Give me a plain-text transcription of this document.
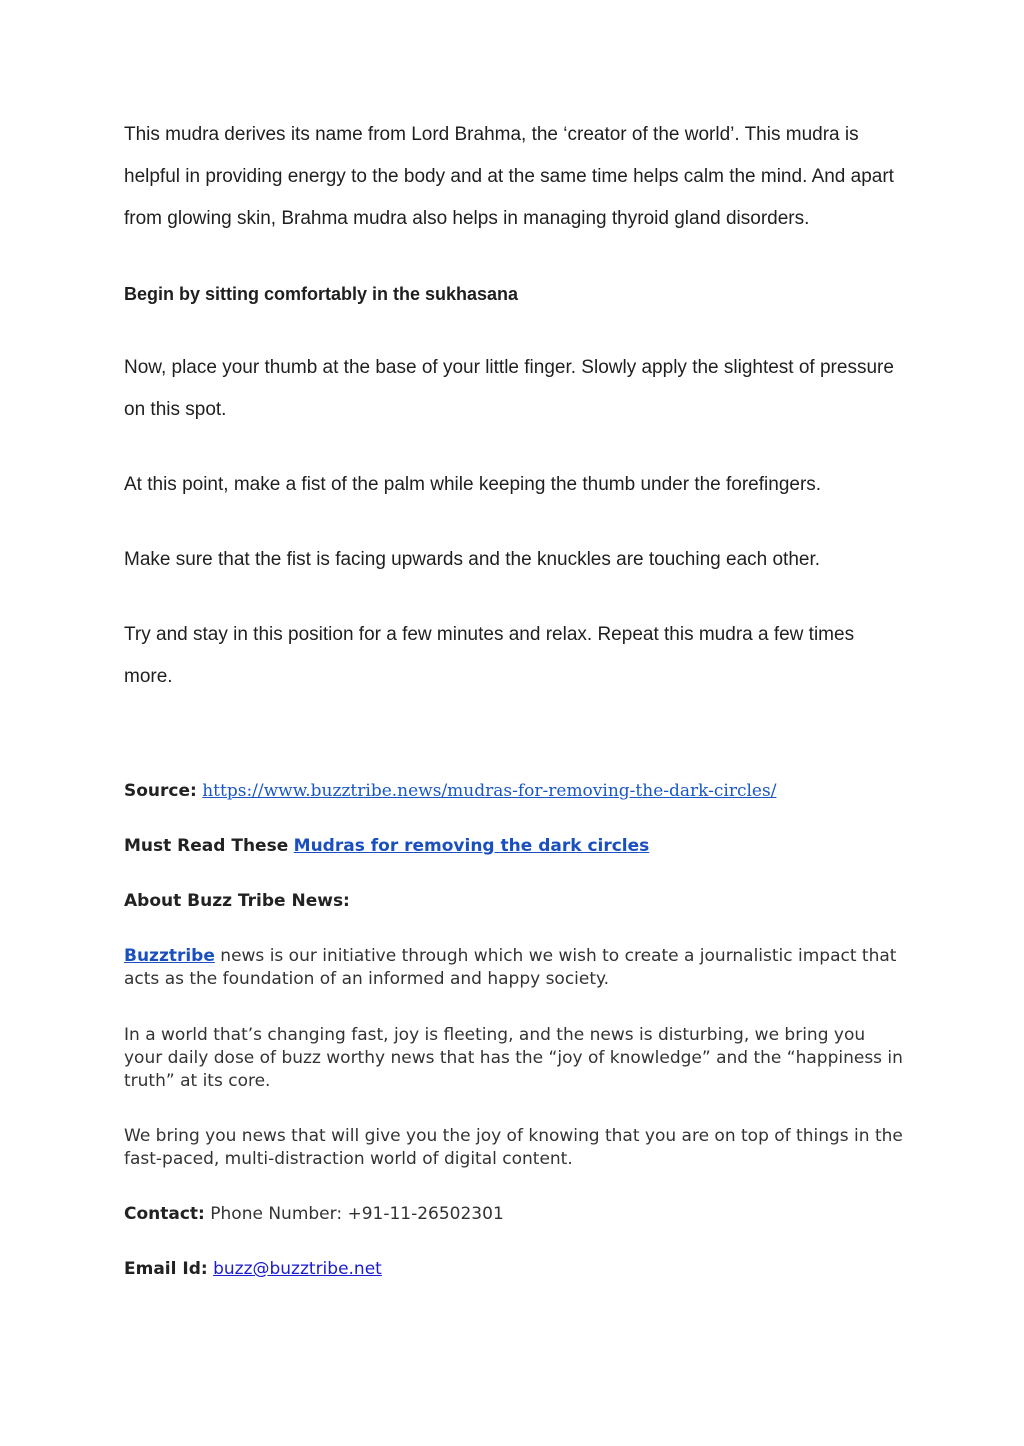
This mudra derives its name from Lord Brahma, the ‘creator of the world’. This mudra is helpful in providing energy to the body and at the same time helps calm the mind. And apart from glowing skin, Brahma mudra also helps in managing thyroid gland disorders.

Begin by sitting comfortably in the sukhasana

Now, place your thumb at the base of your little finger. Slowly apply the slightest of pressure on this spot.

At this point, make a fist of the palm while keeping the thumb under the forefingers.

Make sure that the fist is facing upwards and the knuckles are touching each other.

Try and stay in this position for a few minutes and relax. Repeat this mudra a few times more.

Source: https://www.buzztribe.news/mudras-for-removing-the-dark-circles/

Must Read These Mudras for removing the dark circles

About Buzz Tribe News:

Buzztribe news is our initiative through which we wish to create a journalistic impact that acts as the foundation of an informed and happy society.

In a world that’s changing fast, joy is fleeting, and the news is disturbing, we bring you your daily dose of buzz worthy news that has the “joy of knowledge” and the “happiness in truth” at its core.

We bring you news that will give you the joy of knowing that you are on top of things in the fast-paced, multi-distraction world of digital content.

Contact: Phone Number: +91-11-26502301

Email Id: buzz@buzztribe.net
